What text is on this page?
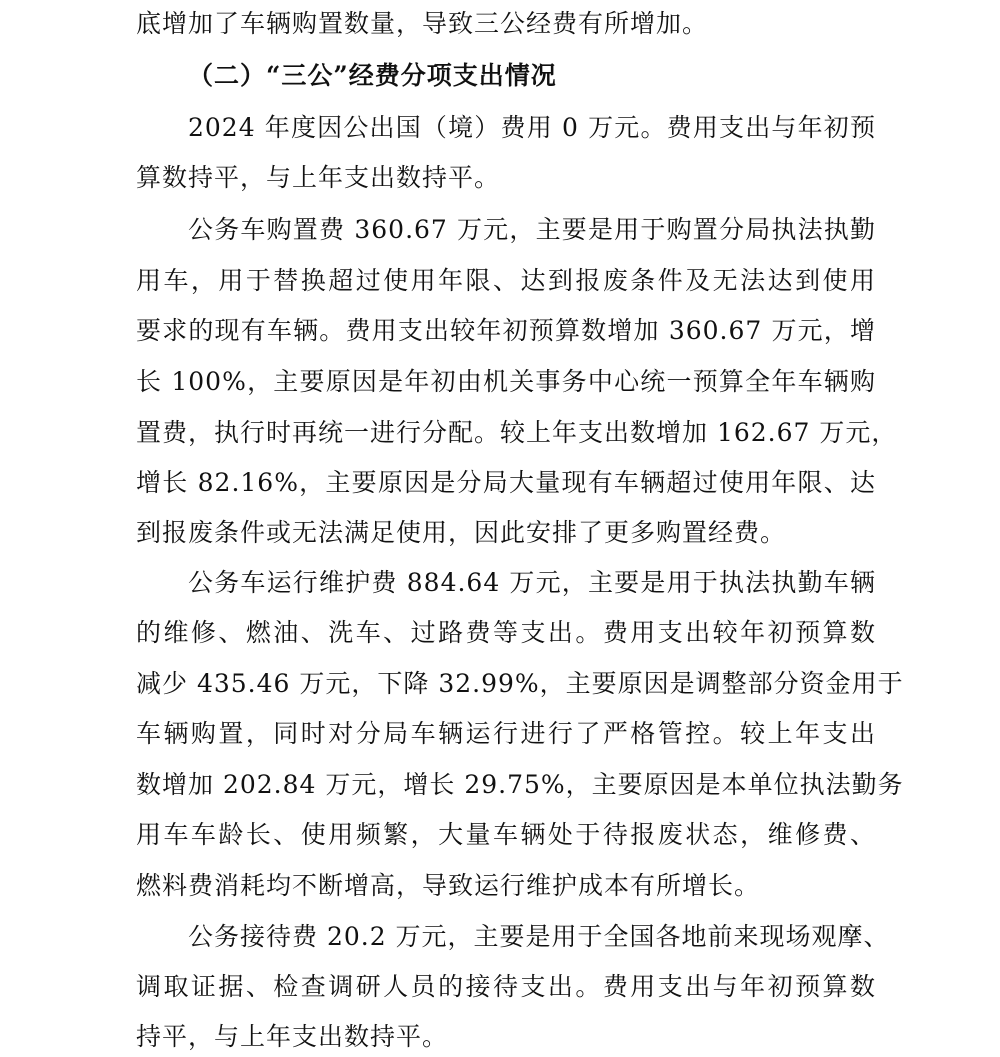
底增加了车辆购置数量，导致三公经费有所增加。
（二）“三公”经费分项支出情况
2024 年度因公出国（境）费用 0 万元。费用支出与年初预
算数持平，与上年支出数持平。
公务车购置费 360.67 万元，主要是用于购置分局执法执勤
用车，用于替换超过使用年限、达到报废条件及无法达到使用
要求的现有车辆。费用支出较年初预算数增加 360.67 万元，增
长 100%，主要原因是年初由机关事务中心统一预算全年车辆购
置费，执行时再统一进行分配。较上年支出数增加 162.67 万元，
增长 82.16%，主要原因是分局大量现有车辆超过使用年限、达
到报废条件或无法满足使用，因此安排了更多购置经费。
公务车运行维护费 884.64 万元，主要是用于执法执勤车辆
的维修、燃油、洗车、过路费等支出。费用支出较年初预算数
减少 435.46 万元，下降 32.99%，主要原因是调整部分资金用于
车辆购置，同时对分局车辆运行进行了严格管控。较上年支出
数增加 202.84 万元，增长 29.75%，主要原因是本单位执法勤务
用车车龄长、使用频繁，大量车辆处于待报废状态，维修费、
燃料费消耗均不断增高，导致运行维护成本有所增长。
公务接待费 20.2 万元，主要是用于全国各地前来现场观摩、
调取证据、检查调研人员的接待支出。费用支出与年初预算数
持平，与上年支出数持平。
